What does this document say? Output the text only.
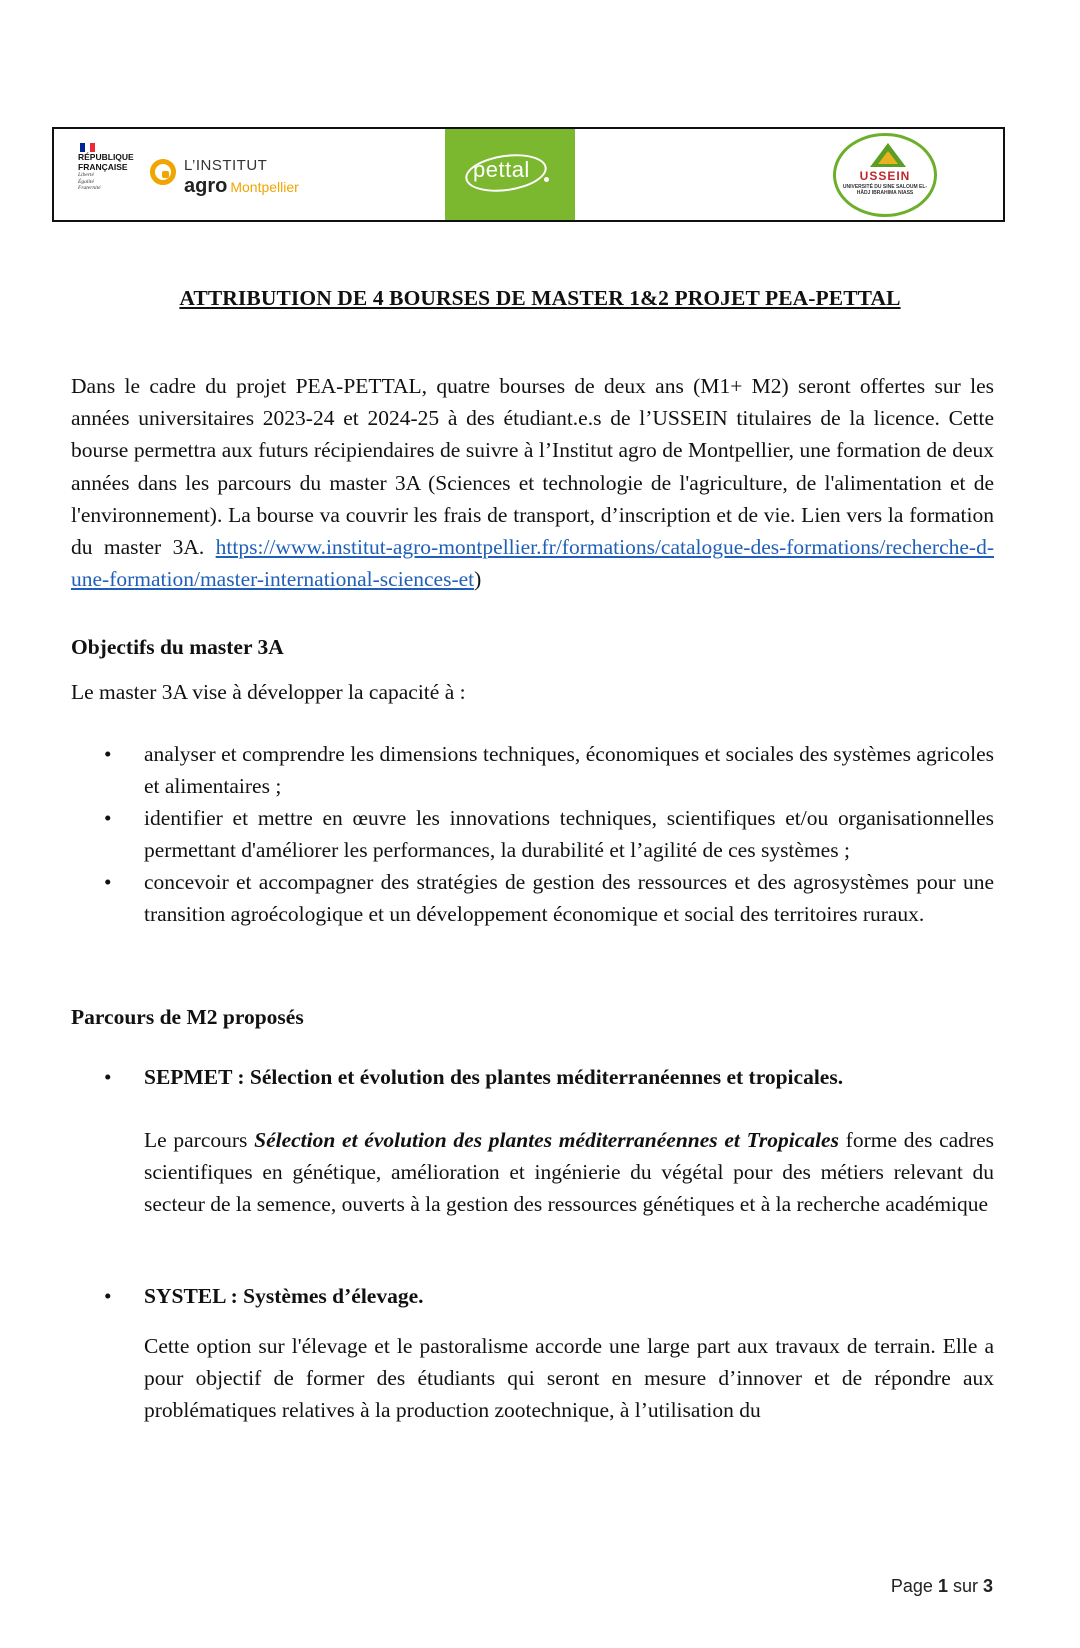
RÉPUBLIQUE
FRANÇAISE
Liberté
Égalité
Fraternité
L’INSTITUT
agro Montpellier
pettal	USSEIN
UNIVERSITÉ DU SINE SALOUM EL-HÂDJ IBRAHIMA NIASS
ATTRIBUTION DE 4 BOURSES DE MASTER 1&2 PROJET PEA-PETTAL
Dans le cadre du projet PEA-PETTAL, quatre bourses de deux ans (M1+ M2) seront offertes sur les années universitaires 2023-24 et 2024-25 à des étudiant.e.s de l’USSEIN titulaires de la licence. Cette bourse permettra aux futurs récipiendaires de suivre à l’Institut agro de Montpellier, une formation de deux années dans les parcours du master 3A (Sciences et technologie de l'agriculture, de l'alimentation et de l'environnement). La bourse va couvrir les frais de transport, d’inscription et de vie. Lien vers la formation du master 3A. https://www.institut-agro-montpellier.fr/formations/catalogue-des-formations/recherche-d-une-formation/master-international-sciences-et)
Objectifs du master 3A
Le master 3A vise à développer la capacité à :
• analyser et comprendre les dimensions techniques, économiques et sociales des systèmes agricoles et alimentaires ;
• identifier et mettre en œuvre les innovations techniques, scientifiques et/ou organisationnelles permettant d'améliorer les performances, la durabilité et l’agilité de ces systèmes ;
• concevoir et accompagner des stratégies de gestion des ressources et des agrosystèmes pour une transition agroécologique et un développement économique et social des territoires ruraux.
Parcours de M2 proposés
• SEPMET : Sélection et évolution des plantes méditerranéennes et tropicales.
Le parcours Sélection et évolution des plantes méditerranéennes et Tropicales forme des cadres scientifiques en génétique, amélioration et ingénierie du végétal pour des métiers relevant du secteur de la semence, ouverts à la gestion des ressources génétiques et à la recherche académique
• SYSTEL : Systèmes d’élevage.
Cette option sur l'élevage et le pastoralisme accorde une large part aux travaux de terrain. Elle a pour objectif de former des étudiants qui seront en mesure d’innover et de répondre aux problématiques relatives à la production zootechnique, à l’utilisation du
Page 1 sur 3
